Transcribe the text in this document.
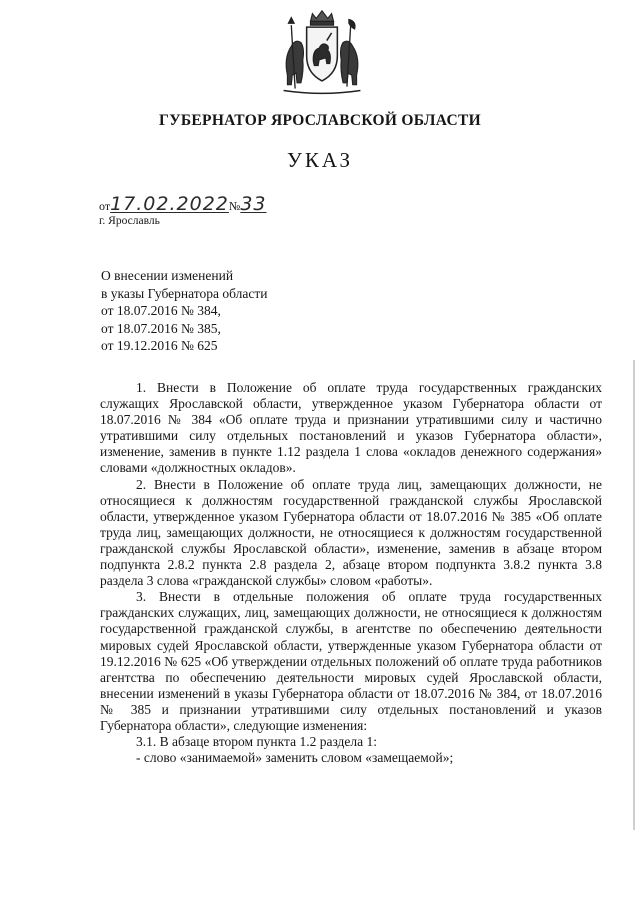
ГУБЕРНАТОР ЯРОСЛАВСКОЙ ОБЛАСТИ
УКАЗ
от17.02.2022№33
г. Ярославль
О внесении изменений
в указы Губернатора области
от 18.07.2016 № 384,
от 18.07.2016 № 385,
от 19.12.2016 № 625

1. Внести в Положение об оплате труда государственных гражданских служащих Ярославской области, утвержденное указом Губернатора области от 18.07.2016 № 384 «Об оплате труда и признании утратившими силу и частично утратившими силу отдельных постановлений и указов Губернатора области», изменение, заменив в пункте 1.12 раздела 1 слова «окладов денежного содержания» словами «должностных окладов».

2. Внести в Положение об оплате труда лиц, замещающих должности, не относящиеся к должностям государственной гражданской службы Ярославской области, утвержденное указом Губернатора области от 18.07.2016 № 385 «Об оплате труда лиц, замещающих должности, не относящиеся к должностям государственной гражданской службы Ярославской области», изменение, заменив в абзаце втором подпункта 2.8.2 пункта 2.8 раздела 2, абзаце втором подпункта 3.8.2 пункта 3.8 раздела 3 слова «гражданской службы» словом «работы».

3. Внести в отдельные положения об оплате труда государственных гражданских служащих, лиц, замещающих должности, не относящиеся к должностям государственной гражданской службы, в агентстве по обеспечению деятельности мировых судей Ярославской области, утвержденные указом Губернатора области от 19.12.2016 № 625 «Об утверждении отдельных положений об оплате труда работников агентства по обеспечению деятельности мировых судей Ярославской области, внесении изменений в указы Губернатора области от 18.07.2016 № 384, от 18.07.2016 № 385 и признании утратившими силу отдельных постановлений и указов Губернатора области», следующие изменения:

3.1. В абзаце втором пункта 1.2 раздела 1:

- слово «занимаемой» заменить словом «замещаемой»;
